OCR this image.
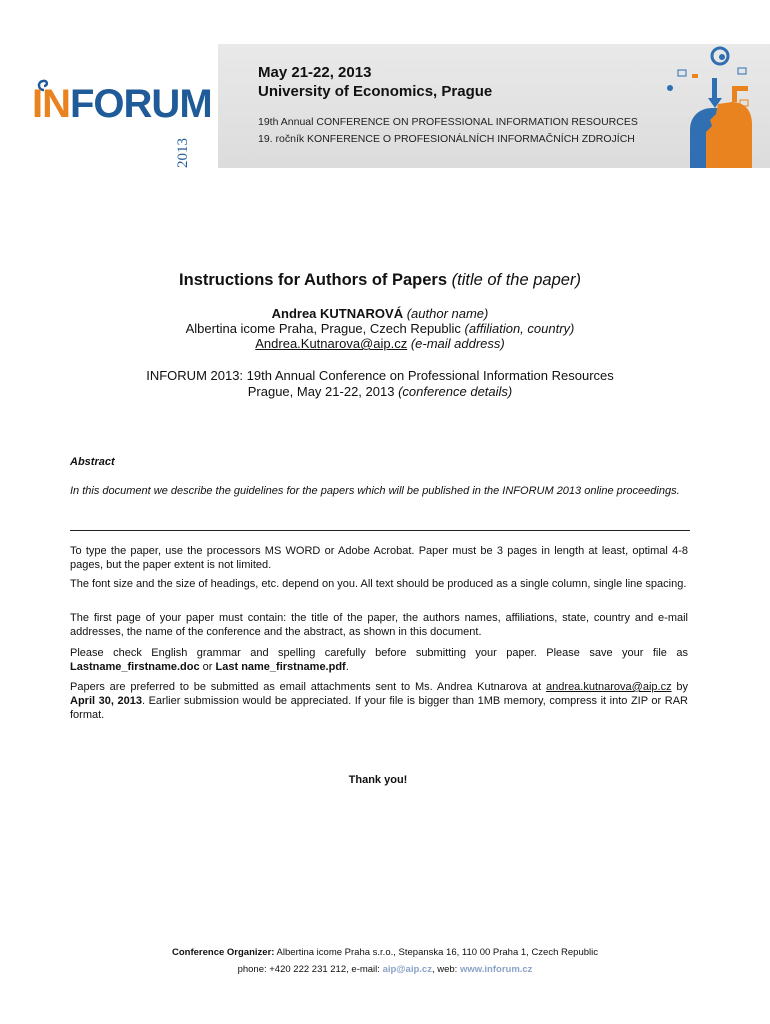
INFORUM
2013
May 21-22, 2013
University of Economics, Prague
19th Annual CONFERENCE ON PROFESSIONAL INFORMATION RESOURCES
19. ročník KONFERENCE O PROFESIONÁLNÍCH INFORMAČNÍCH ZDROJÍCH
Instructions for Authors of Papers (title of the paper)
Andrea KUTNAROVÁ (author name)
Albertina icome Praha, Prague, Czech Republic (affiliation, country)
Andrea.Kutnarova@aip.cz (e-mail address)
INFORUM 2013: 19th Annual Conference on Professional Information Resources
Prague, May 21-22, 2013 (conference details)
Abstract
In this document we describe the guidelines for the papers which will be published in the INFORUM 2013 online proceedings.
To type the paper, use the processors MS WORD or Adobe Acrobat. Paper must be 3 pages in length at least, optimal 4-8 pages, but the paper extent is not limited.
The font size and the size of headings, etc. depend on you. All text should be produced as a single column, single line spacing.
The first page of your paper must contain: the title of the paper, the authors names, affiliations, state, country and e-mail addresses, the name of the conference and the abstract, as shown in this document.
Please check English grammar and spelling carefully before submitting your paper. Please save your file as Lastname_firstname.doc or Last name_firstname.pdf.
Papers are preferred to be submitted as email attachments sent to Ms. Andrea Kutnarova at andrea.kutnarova@aip.cz by April 30, 2013. Earlier submission would be appreciated. If your file is bigger than 1MB memory, compress it into ZIP or RAR format.
Thank you!
Conference Organizer: Albertina icome Praha s.r.o., Stepanska 16, 110 00 Praha 1, Czech Republic
phone: +420 222 231 212, e-mail: aip@aip.cz, web: www.inforum.cz
